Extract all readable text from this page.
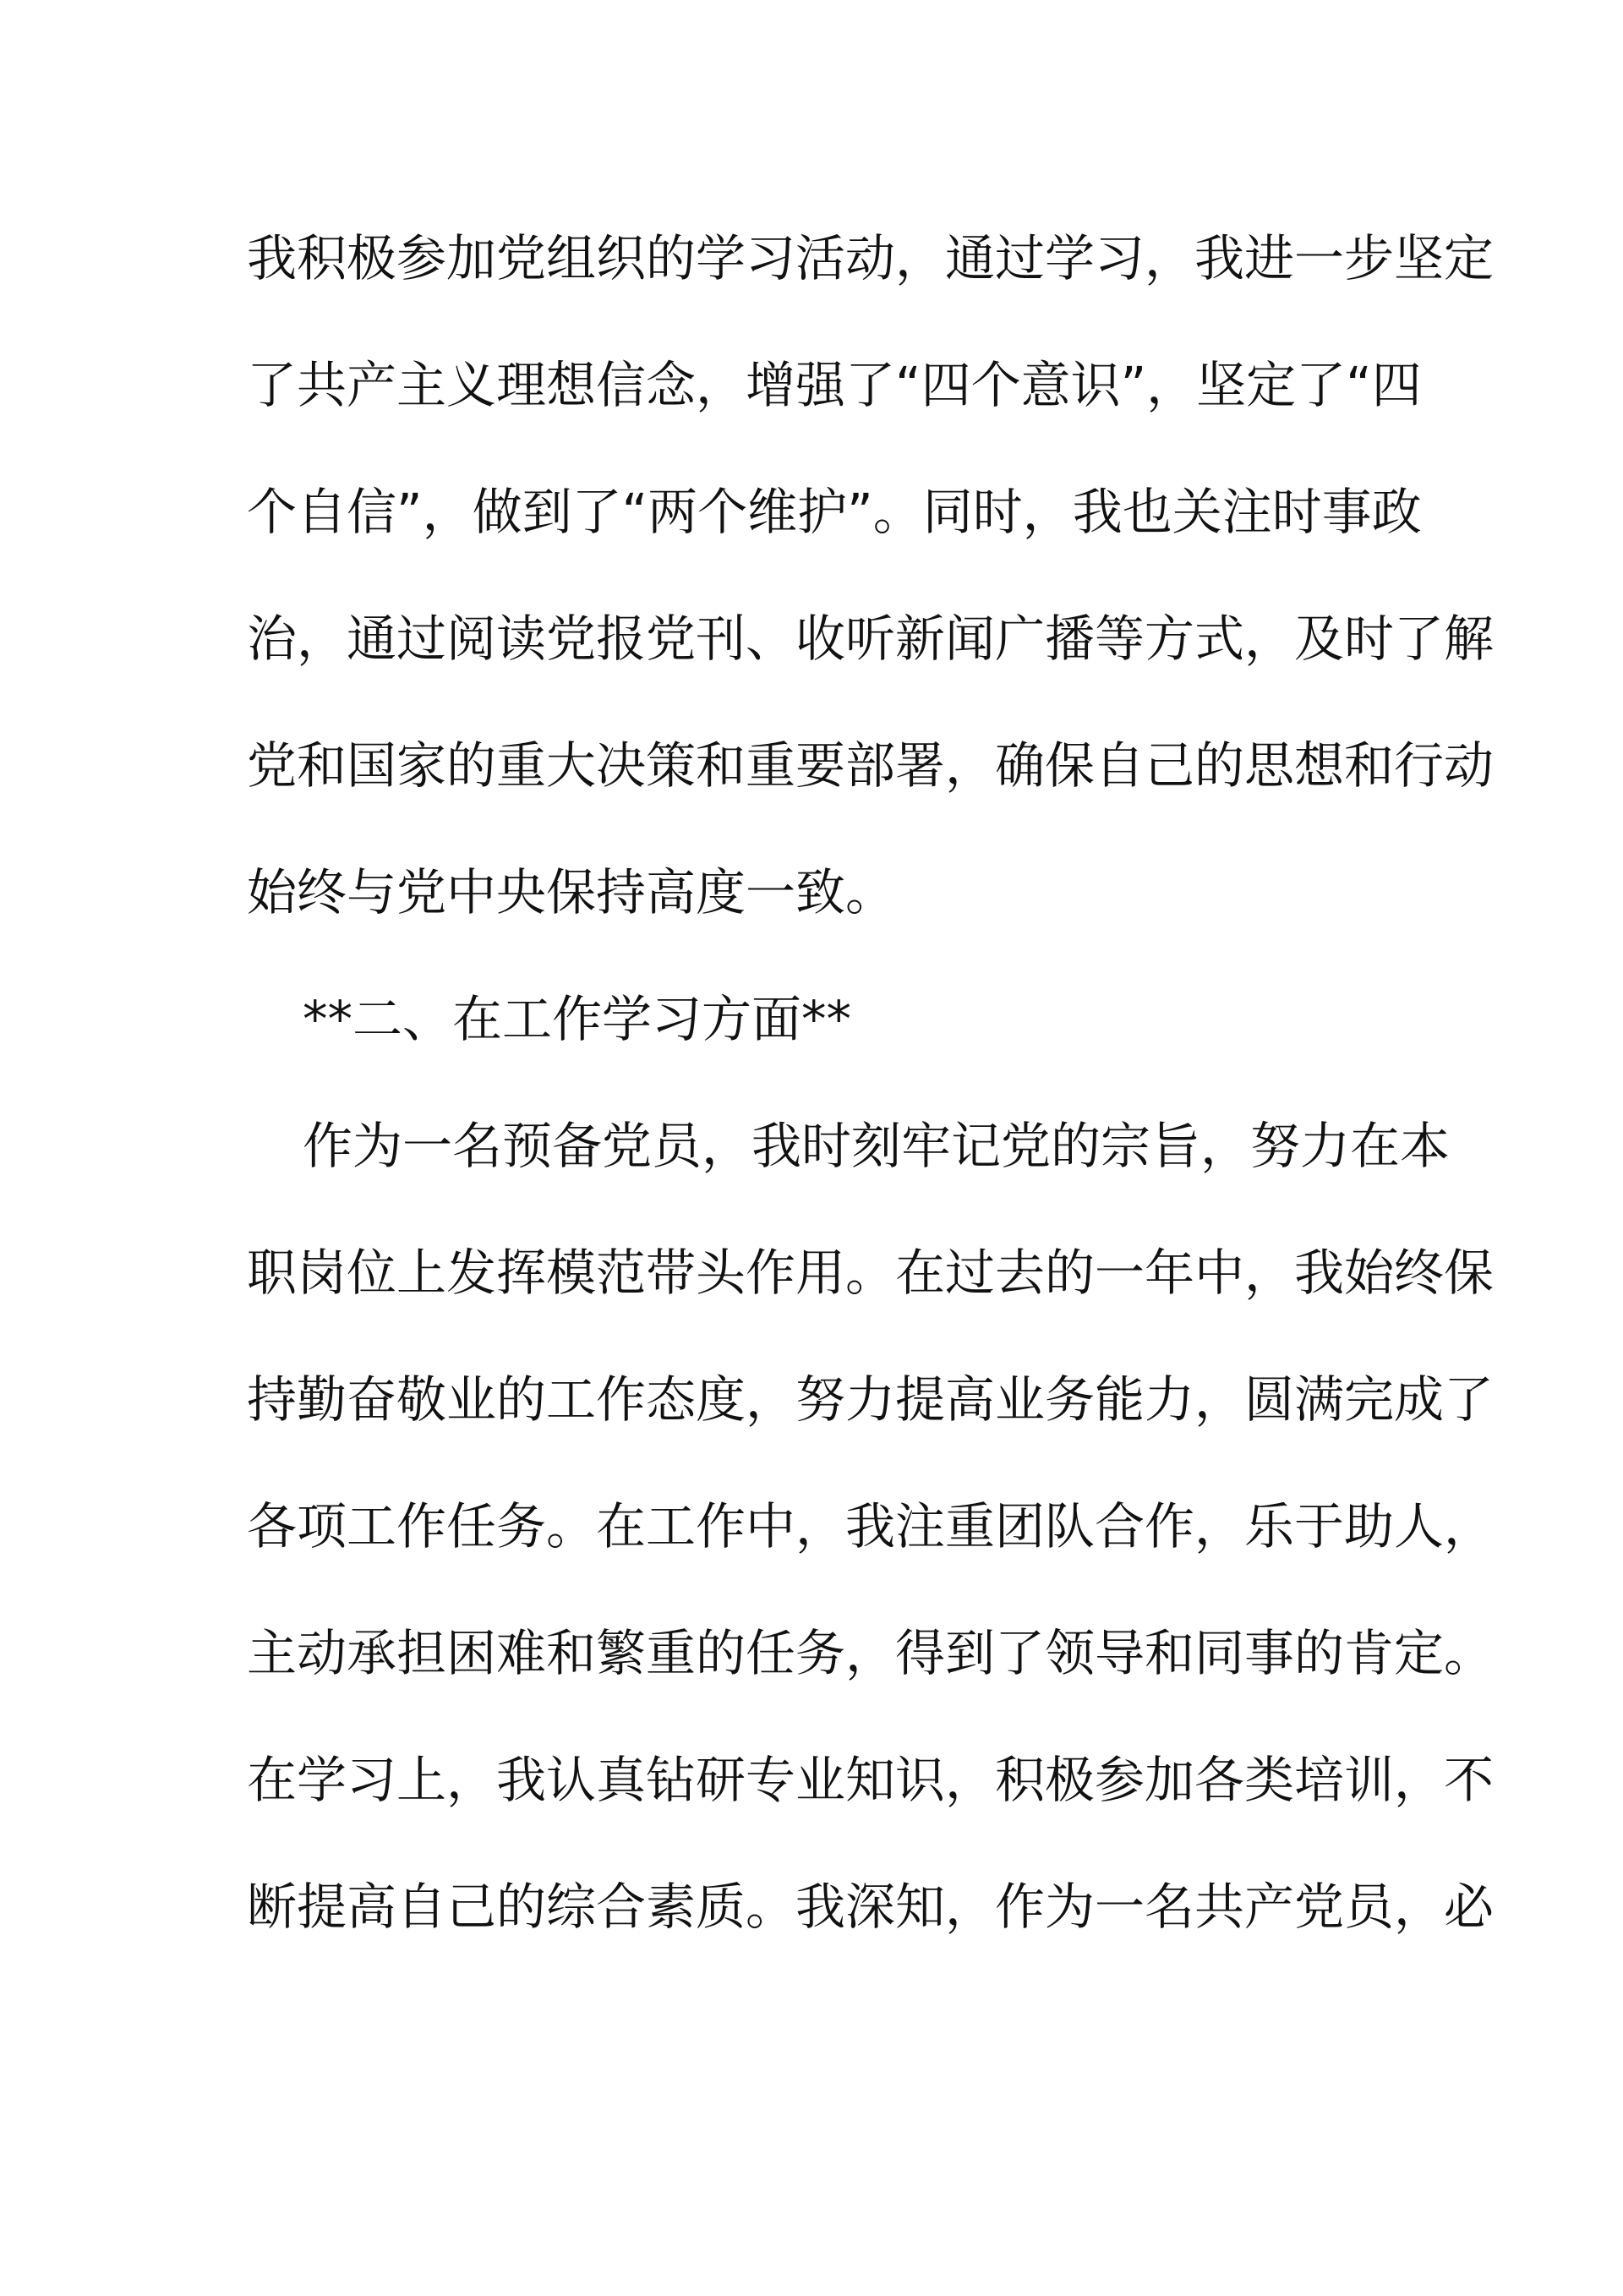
我积极参加党组织的学习活动，通过学习，我进一步坚定
了共产主义理想信念，增强了“四个意识”，坚定了“四
个自信”，做到了“两个维护”。同时，我也关注时事政
治，通过阅读党报党刊、收听新闻广播等方式，及时了解
党和国家的重大决策和重要部署，确保自己的思想和行动
始终与党中央保持高度一致。
**二、在工作学习方面**
作为一名预备党员，我时刻牢记党的宗旨，努力在本
职岗位上发挥模范带头作用。在过去的一年中，我始终保
持勤奋敬业的工作态度，努力提高业务能力，圆满完成了
各项工作任务。在工作中，我注重团队合作，乐于助人，
主动承担困难和繁重的任务，得到了领导和同事的肯定。
在学习上，我认真钻研专业知识，积极参加各类培训，不
断提高自己的综合素质。我深知，作为一名共产党员，必
